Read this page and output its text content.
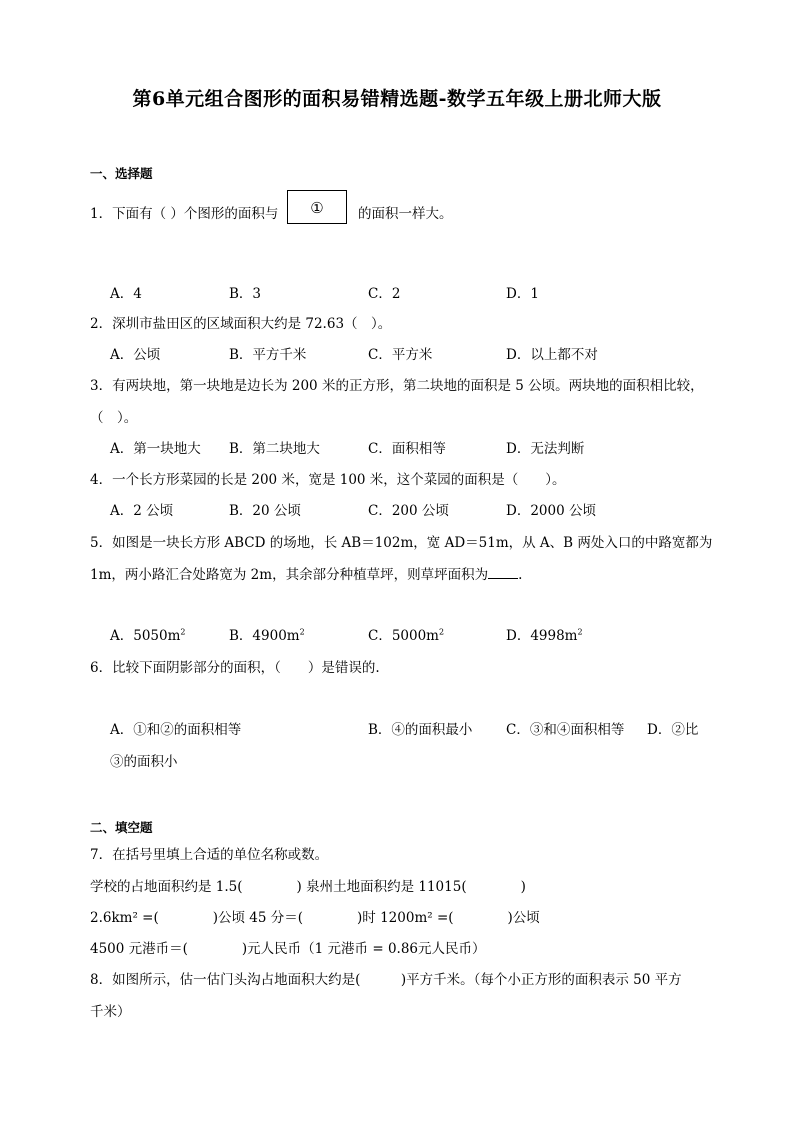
第6单元组合图形的面积易错精选题-数学五年级上册北师大版
一、选择题
1．下面有（ ）个图形的面积与	①	的面积一样大。
A．4	B．3	C．2	D．1
2．深圳市盐田区的区域面积大约是 72.63（　）。
A．公顷	B．平方千米	C．平方米	D．以上都不对
3．有两块地，第一块地是边长为 200 米的正方形，第二块地的面积是 5 公顷。两块地的面积相比较，
（　）。
A．第一块地大 B．第二块地大	C．面积相等	D．无法判断
4．一个长方形菜园的长是 200 米，宽是 100 米，这个菜园的面积是（　　）。
A．2 公顷	B．20 公顷	C．200 公顷	D．2000 公顷
5．如图是一块长方形 ABCD 的场地，长 AB＝102m，宽 AD＝51m，从 A、B 两处入口的中路宽都为
1m，两小路汇合处路宽为 2m，其余部分种植草坪，则草坪面积为 .
A．$5050m^2$	B．$4900m^2$	C．$5000m^2$	D．$4998m^2$
6．比较下面阴影部分的面积，（　　）是错误的.
A．①和②的面积相等	B．④的面积最小 C．③和④面积相等 D．②比
③的面积小
二、填空题
7．在括号里填上合适的单位名称或数。
学校的占地面积约是 1.5(　　　　) 泉州土地面积约是 11015(　　　　)
2.6km² =(　　　　)公顷 45 分＝(　　　　)时 1200m² =(　　　　)公顷
4500 元港币＝(　　　　)元人民币（1 元港币 = 0.86元人民币）
8．如图所示，估一估门头沟占地面积大约是(　　　)平方千米。（每个小正方形的面积表示 50 平方
千米）
